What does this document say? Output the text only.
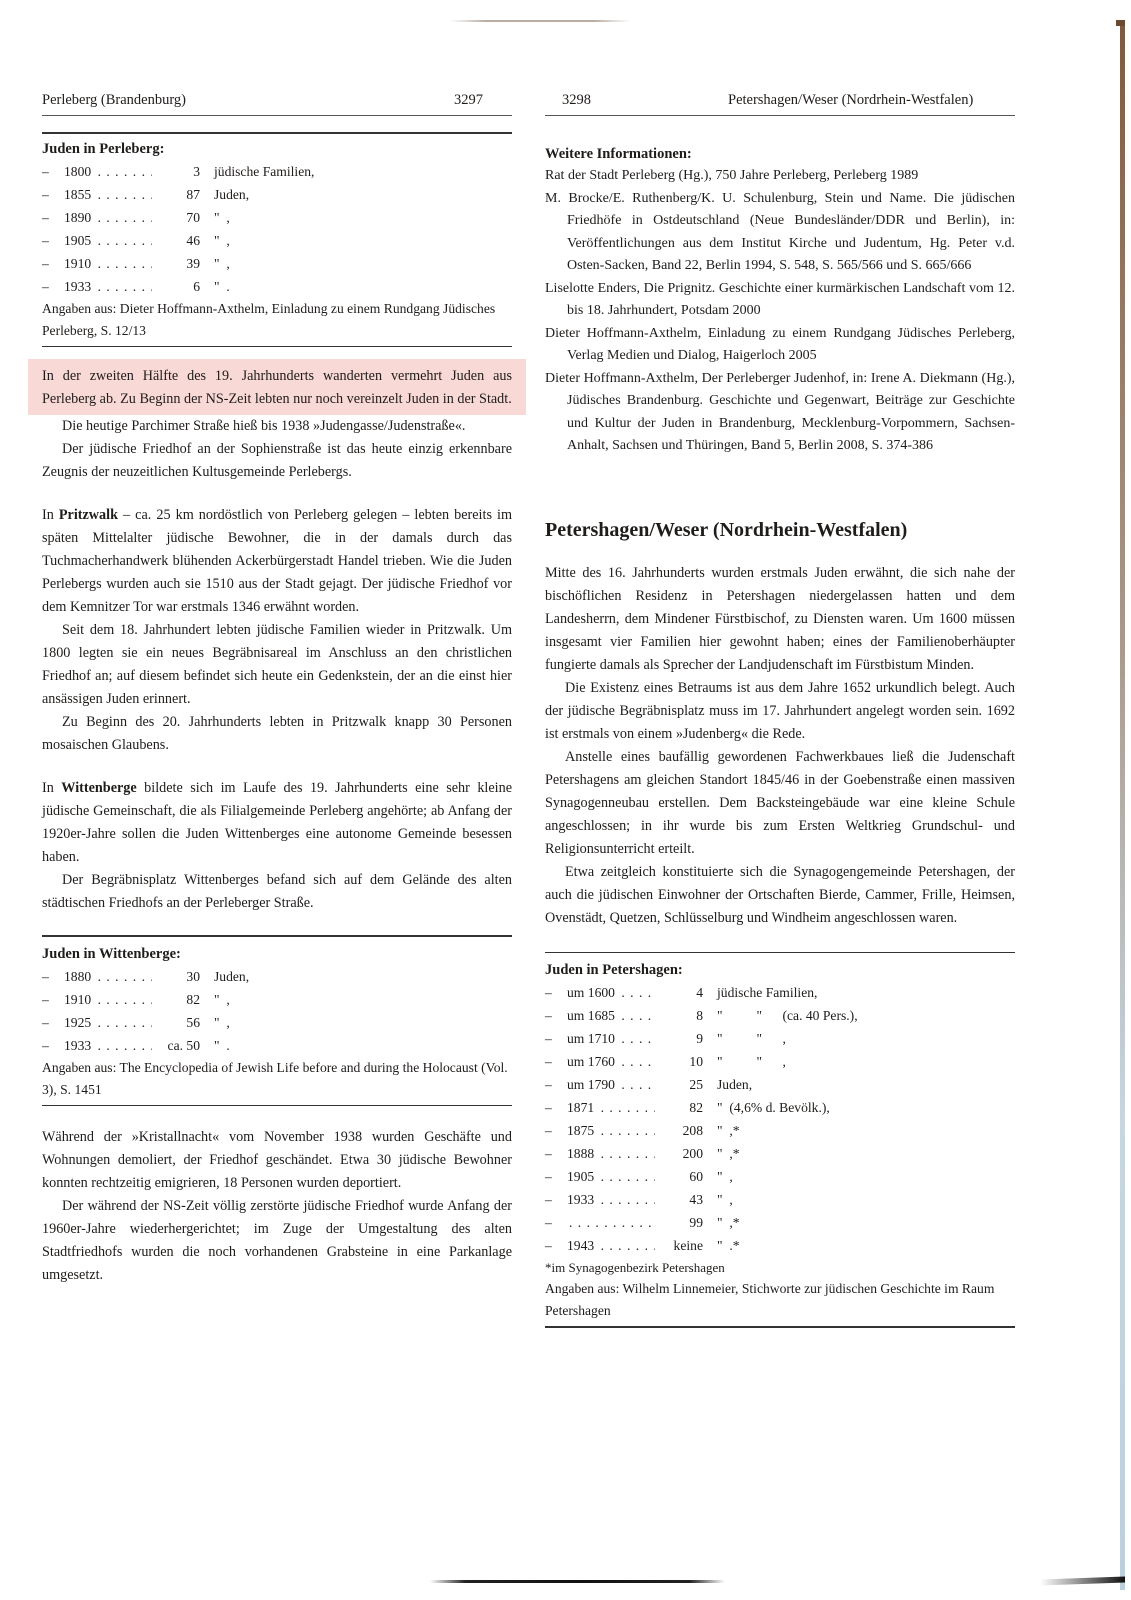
Perleberg (Brandenburg)	3297	3298	Petershagen/Weser (Nordrhein-Westfalen)

Juden in Perleberg:

–	1800 . . .	3	jüdische Familien,
–	1855 . . .	87	Juden,
–	1890 . . .	70	"  ,
–	1905 . . .	46	"  ,
–	1910 . . .	39	"  ,
–	1933 . . .	6	"  .

Angaben aus: Dieter Hoffmann-Axthelm, Einladung zu einem Rundgang Jüdisches Perleberg, S. 12/13

In der zweiten Hälfte des 19. Jahrhunderts wanderten vermehrt Juden aus Perleberg ab. Zu Beginn der NS-Zeit lebten nur noch vereinzelt Juden in der Stadt.

Die heutige Parchimer Straße hieß bis 1938 »Judengasse/Judenstraße«.

Der jüdische Friedhof an der Sophienstraße ist das heute einzig erkennbare Zeugnis der neuzeitlichen Kultusgemeinde Perlebergs.

In Pritzwalk – ca. 25 km nordöstlich von Perleberg gelegen – lebten bereits im späten Mittelalter jüdische Bewohner, die in der damals durch das Tuchmacherhandwerk blühenden Ackerbürgerstadt Handel trieben. Wie die Juden Perlebergs wurden auch sie 1510 aus der Stadt gejagt. Der jüdische Friedhof vor dem Kemnitzer Tor war erstmals 1346 erwähnt worden.

Seit dem 18. Jahrhundert lebten jüdische Familien wieder in Pritzwalk. Um 1800 legten sie ein neues Begräbnisareal im Anschluss an den christlichen Friedhof an; auf diesem befindet sich heute ein Gedenkstein, der an die einst hier ansässigen Juden erinnert.

Zu Beginn des 20. Jahrhunderts lebten in Pritzwalk knapp 30 Personen mosaischen Glaubens.

In Wittenberge bildete sich im Laufe des 19. Jahrhunderts eine sehr kleine jüdische Gemeinschaft, die als Filialgemeinde Perleberg angehörte; ab Anfang der 1920er-Jahre sollen die Juden Wittenberges eine autonome Gemeinde besessen haben.

Der Begräbnisplatz Wittenberges befand sich auf dem Gelände des alten städtischen Friedhofs an der Perleberger Straße.

Juden in Wittenberge:

–	1880 . . .	30	Juden,
–	1910 . . .	82	"  ,
–	1925 . . .	56	"  ,
–	1933 . . .	ca. 50	"  .

Angaben aus: The Encyclopedia of Jewish Life before and during the Holocaust (Vol. 3), S. 1451

Während der »Kristallnacht« vom November 1938 wurden Geschäfte und Wohnungen demoliert, der Friedhof geschändet. Etwa 30 jüdische Bewohner konnten rechtzeitig emigrieren, 18 Personen wurden deportiert.

Der während der NS-Zeit völlig zerstörte jüdische Friedhof wurde Anfang der 1960er-Jahre wiederhergerichtet; im Zuge der Umgestaltung des alten Stadtfriedhofs wurden die noch vorhandenen Grabsteine in eine Parkanlage umgesetzt.

Weitere Informationen:

Rat der Stadt Perleberg (Hg.), 750 Jahre Perleberg, Perleberg 1989

M. Brocke/E. Ruthenberg/K. U. Schulenburg, Stein und Name. Die jüdischen Friedhöfe in Ostdeutschland (Neue Bundesländer/DDR und Berlin), in: Veröffentlichungen aus dem Institut Kirche und Judentum, Hg. Peter v.d. Osten-Sacken, Band 22, Berlin 1994, S. 548, S. 565/566 und S. 665/666

Liselotte Enders, Die Prignitz. Geschichte einer kurmärkischen Landschaft vom 12. bis 18. Jahrhundert, Potsdam 2000

Dieter Hoffmann-Axthelm, Einladung zu einem Rundgang Jüdisches Perleberg, Verlag Medien und Dialog, Haigerloch 2005

Dieter Hoffmann-Axthelm, Der Perleberger Judenhof, in: Irene A. Diekmann (Hg.), Jüdisches Brandenburg. Geschichte und Gegenwart, Beiträge zur Geschichte und Kultur der Juden in Brandenburg, Mecklenburg-Vorpommern, Sachsen-Anhalt, Sachsen und Thüringen, Band 5, Berlin 2008, S. 374-386

Petershagen/Weser (Nordrhein-Westfalen)

Mitte des 16. Jahrhunderts wurden erstmals Juden erwähnt, die sich nahe der bischöflichen Residenz in Petershagen niedergelassen hatten und dem Landesherrn, dem Mindener Fürstbischof, zu Diensten waren. Um 1600 müssen insgesamt vier Familien hier gewohnt haben; eines der Familienoberhäupter fungierte damals als Sprecher der Landjudenschaft im Fürstbistum Minden.

Die Existenz eines Betraums ist aus dem Jahre 1652 urkundlich belegt. Auch der jüdische Begräbnisplatz muss im 17. Jahrhundert angelegt worden sein. 1692 ist erstmals von einem »Judenberg« die Rede.

Anstelle eines baufällig gewordenen Fachwerkbaues ließ die Judenschaft Petershagens am gleichen Standort 1845/46 in der Goebenstraße einen massiven Synagogenneubau erstellen. Dem Backsteingebäude war eine kleine Schule angeschlossen; in ihr wurde bis zum Ersten Weltkrieg Grundschul- und Religionsunterricht erteilt.

Etwa zeitgleich konstituierte sich die Synagogengemeinde Petershagen, der auch die jüdischen Einwohner der Ortschaften Bierde, Cammer, Frille, Heimsen, Ovenstädt, Quetzen, Schlüsselburg und Windheim angeschlossen waren.

Juden in Petershagen:

–	um 1600 . . .	4	jüdische Familien,
–	um 1685 . . .	8	"          "      (ca. 40 Pers.),
–	um 1710 . . .	9	"          "      ,
–	um 1760 . . .	10	"          "      ,
–	um 1790 . . .	25	Juden,
–	1871 . . .	82	"  (4,6% d. Bevölk.),
–	1875 . . .	208	"  ,*
–	1888 . . .	200	"  ,*
–	1905 . . .	60	"  ,
–	1933 . . .	43	"  ,
– . . .	99	"  ,*
–	1943 . . .	keine	"  .*

*im Synagogenbezirk Petershagen

Angaben aus: Wilhelm Linnemeier, Stichworte zur jüdischen Geschichte im Raum Petershagen
